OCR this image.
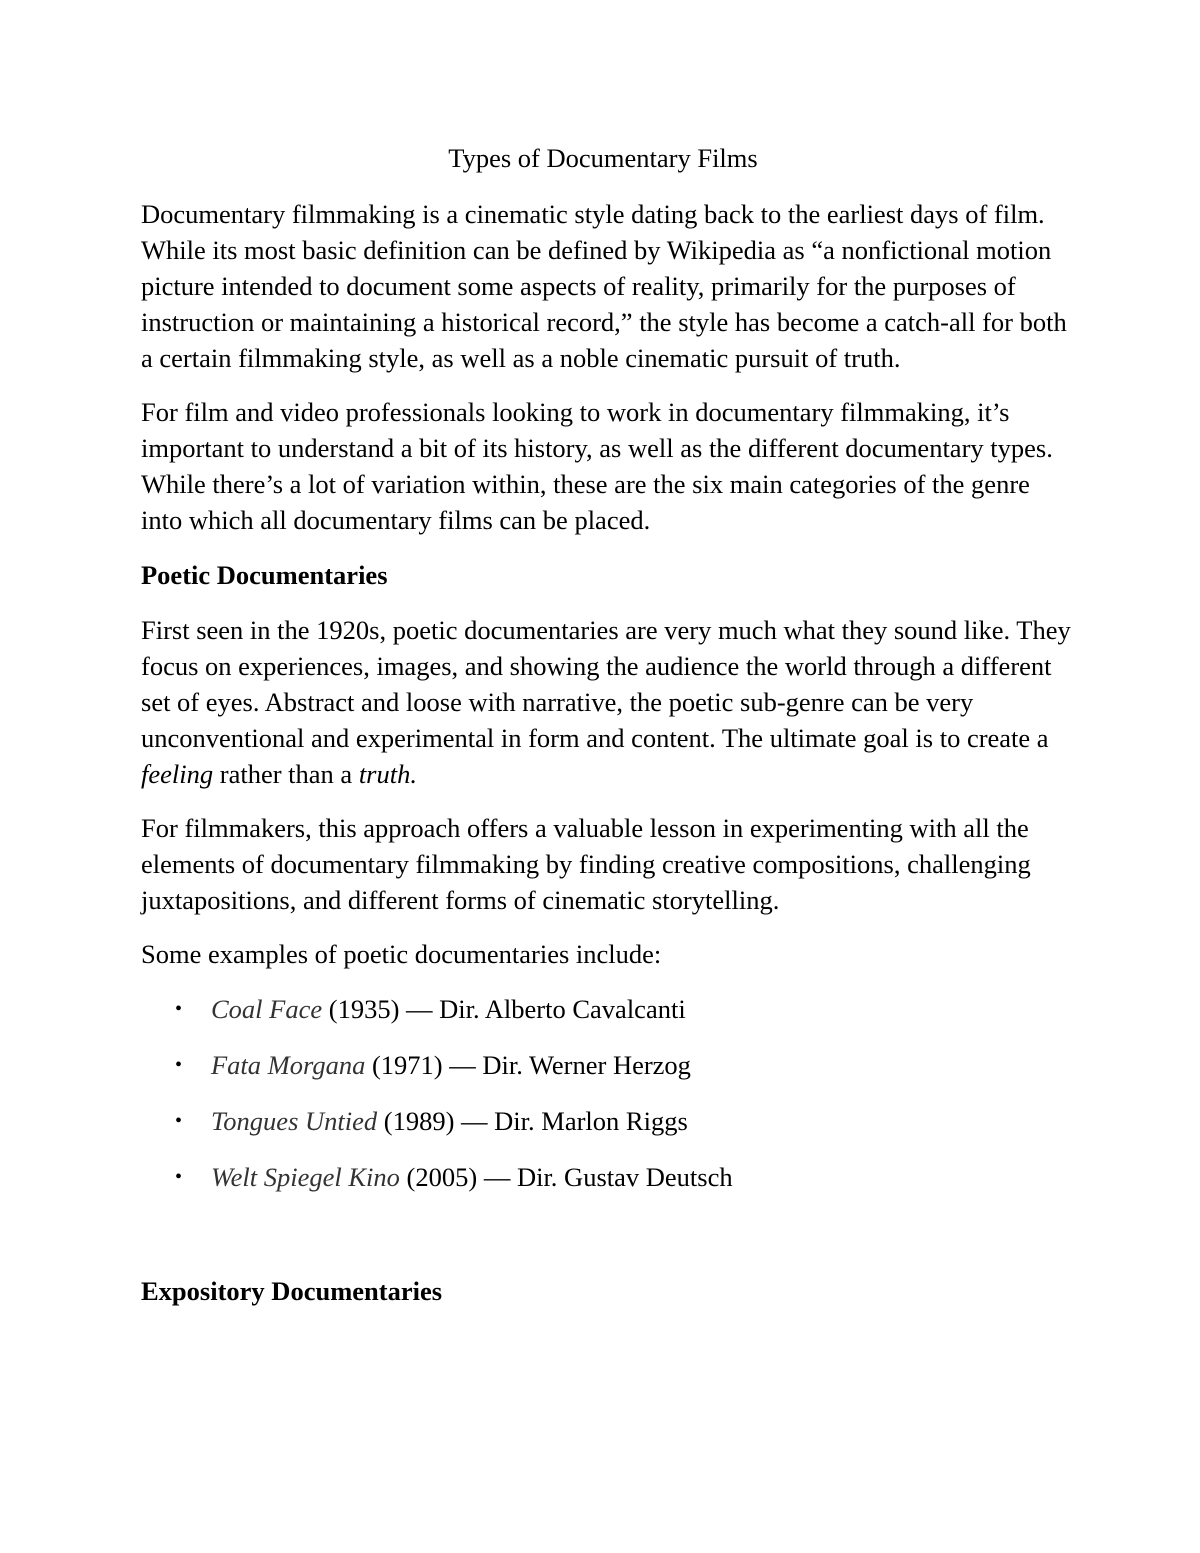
Types of Documentary Films

Documentary filmmaking is a cinematic style dating back to the earliest days of film. While its most basic definition can be defined by Wikipedia as “a nonfictional motion picture intended to document some aspects of reality, primarily for the purposes of instruction or maintaining a historical record,” the style has become a catch-all for both a certain filmmaking style, as well as a noble cinematic pursuit of truth.

For film and video professionals looking to work in documentary filmmaking, it’s important to understand a bit of its history, as well as the different documentary types. While there’s a lot of variation within, these are the six main categories of the genre into which all documentary films can be placed.

Poetic Documentaries

First seen in the 1920s, poetic documentaries are very much what they sound like. They focus on experiences, images, and showing the audience the world through a different set of eyes. Abstract and loose with narrative, the poetic sub-genre can be very unconventional and experimental in form and content. The ultimate goal is to create a feeling rather than a truth.

For filmmakers, this approach offers a valuable lesson in experimenting with all the elements of documentary filmmaking by finding creative compositions, challenging juxtapositions, and different forms of cinematic storytelling.

Some examples of poetic documentaries include:

• Coal Face (1935) — Dir. Alberto Cavalcanti
• Fata Morgana (1971) — Dir. Werner Herzog
• Tongues Untied (1989) — Dir. Marlon Riggs
• Welt Spiegel Kino (2005) — Dir. Gustav Deutsch
Expository Documentaries
